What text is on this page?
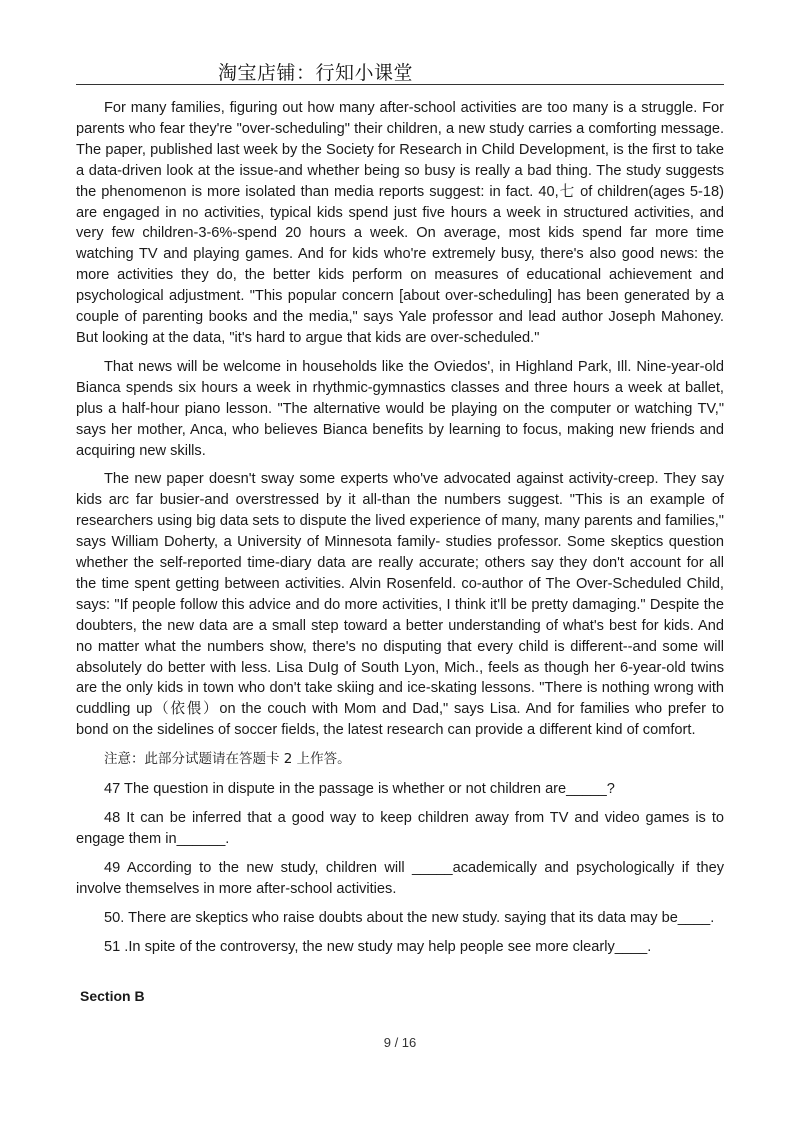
淘宝店铺：行知小课堂

For many families, figuring out how many after-school activities are too many is a struggle. For parents who fear they're "over-scheduling" their children, a new study carries a comforting message. The paper, published last week by the Society for Research in Child Development, is the first to take a data-driven look at the issue-and whether being so busy is really a bad thing. The study suggests the phenomenon is more isolated than media reports suggest: in fact. 40,七 of children(ages 5-18) are engaged in no activities, typical kids spend just five hours a week in structured activities, and very few children-3-6%-spend 20 hours a week. On average, most kids spend far more time watching TV and playing games. And for kids who're extremely busy, there's also good news: the more activities they do, the better kids perform on measures of educational achievement and psychological adjustment. "This popular concern [about over-scheduling] has been generated by a couple of parenting books and the media," says Yale professor and lead author Joseph Mahoney. But looking at the data, "it's hard to argue that kids are over-scheduled."

That news will be welcome in households like the Oviedos', in Highland Park, Ill. Nine-year-old Bianca spends six hours a week in rhythmic-gymnastics classes and three hours a week at ballet, plus a half-hour piano lesson. "The alternative would be playing on the computer or watching TV," says her mother, Anca, who believes Bianca benefits by learning to focus, making new friends and acquiring new skills.

The new paper doesn't sway some experts who've advocated against activity-creep. They say kids arc far busier-and overstressed by it all-than the numbers suggest. "This is an example of researchers using big data sets to dispute the lived experience of many, many parents and families," says William Doherty, a University of Minnesota family- studies professor. Some skeptics question whether the self-reported time-diary data are really accurate; others say they don't account for all the time spent getting between activities. Alvin Rosenfeld. co-author of The Over-Scheduled Child, says: "If people follow this advice and do more activities, I think it'll be pretty damaging." Despite the doubters, the new data are a small step toward a better understanding of what's best for kids. And no matter what the numbers show, there's no disputing that every child is different--and some will absolutely do better with less. Lisa DuIg of South Lyon, Mich., feels as though her 6-year-old twins are the only kids in town who don't take skiing and ice-skating lessons. "There is nothing wrong with cuddling up（依偎）on the couch with Mom and Dad," says Lisa. And for families who prefer to bond on the sidelines of soccer fields, the latest research can provide a different kind of comfort.

注意：此部分试题请在答题卡 2 上作答。

47 The question in dispute in the passage is whether or not children are_____?

48 It can be inferred that a good way to keep children away from TV and video games is to engage them in______.

49 According to the new study, children will _____academically and psychologically if they involve themselves in more after-school activities.

50. There are skeptics who raise doubts about the new study. saying that its data may be____.

51 .In spite of the controversy, the new study may help people see more clearly____.

Section B
9 / 16
